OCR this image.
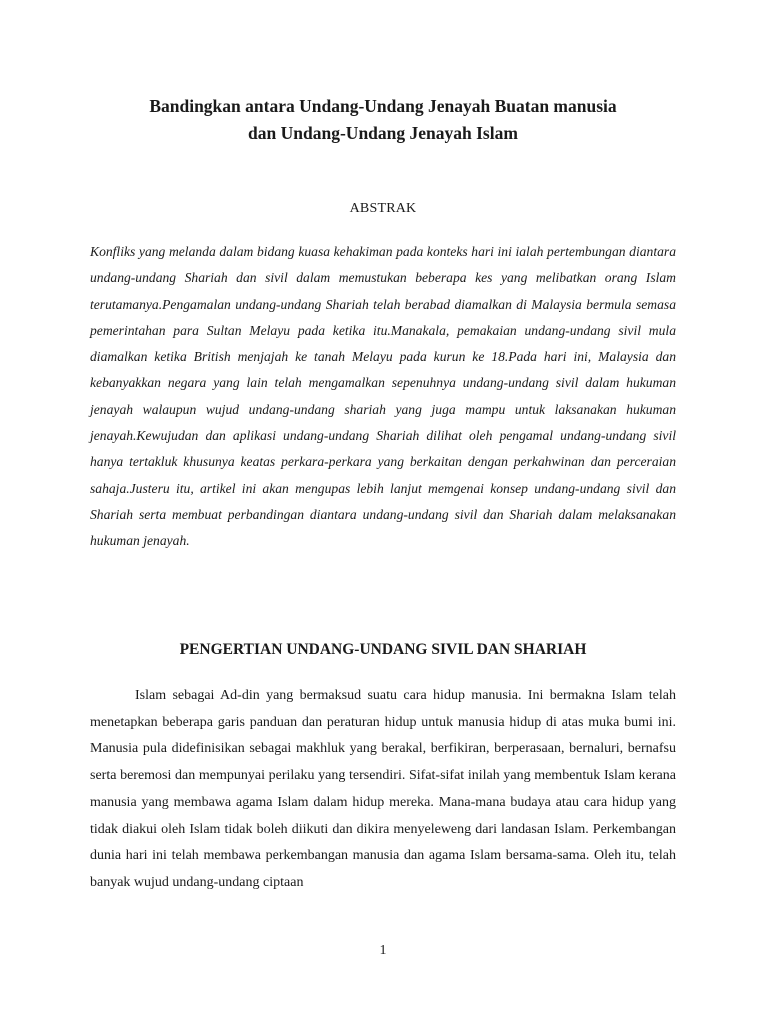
Bandingkan antara Undang-Undang Jenayah Buatan manusia
dan Undang-Undang Jenayah Islam
ABSTRAK

Konfliks yang melanda dalam bidang kuasa kehakiman pada konteks hari ini ialah pertembungan diantara undang-undang Shariah dan sivil dalam memustukan beberapa kes yang melibatkan orang Islam terutamanya.Pengamalan undang-undang Shariah telah berabad diamalkan di Malaysia bermula semasa pemerintahan para Sultan Melayu pada ketika itu.Manakala, pemakaian undang-undang sivil mula diamalkan ketika British menjajah ke tanah Melayu pada kurun ke 18.Pada hari ini, Malaysia dan kebanyakkan negara yang lain telah mengamalkan sepenuhnya undang-undang sivil dalam hukuman jenayah walaupun wujud undang-undang shariah yang juga mampu untuk laksanakan hukuman jenayah.Kewujudan dan aplikasi undang-undang Shariah dilihat oleh pengamal undang-undang sivil hanya tertakluk khusunya keatas perkara-perkara yang berkaitan dengan perkahwinan dan perceraian sahaja.Justeru itu, artikel ini akan mengupas lebih lanjut memgenai konsep undang-undang sivil dan Shariah serta membuat perbandingan diantara undang-undang sivil dan Shariah dalam melaksanakan hukuman jenayah.

PENGERTIAN UNDANG-UNDANG SIVIL DAN SHARIAH

Islam sebagai Ad-din yang bermaksud suatu cara hidup manusia. Ini bermakna Islam telah menetapkan beberapa garis panduan dan peraturan hidup untuk manusia hidup di atas muka bumi ini. Manusia pula didefinisikan sebagai makhluk yang berakal, berfikiran, berperasaan, bernaluri, bernafsu serta beremosi dan mempunyai perilaku yang tersendiri. Sifat-sifat inilah yang membentuk Islam kerana manusia yang membawa agama Islam dalam hidup mereka. Mana-mana budaya atau cara hidup yang tidak diakui oleh Islam tidak boleh diikuti dan dikira menyeleweng dari landasan Islam. Perkembangan dunia hari ini telah membawa perkembangan manusia dan agama Islam bersama-sama. Oleh itu, telah banyak wujud undang-undang ciptaan

1
